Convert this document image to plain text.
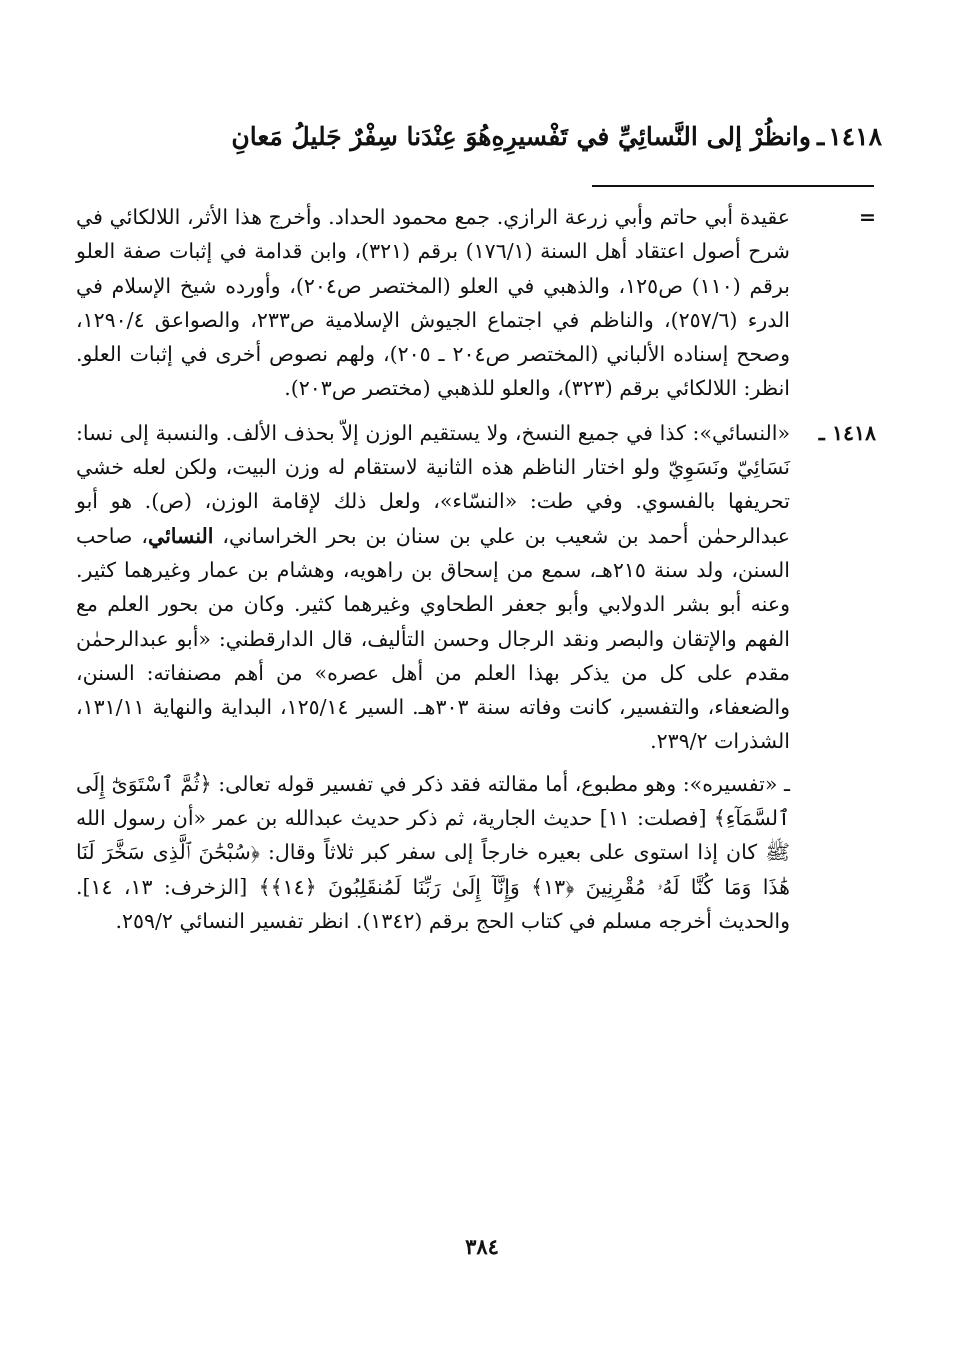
١٤١٨
ـ
وانظُرْ إلى النَّسائِيِّ في تَفْسيرِهِ
هُوَ عِنْدَنا سِفْرٌ جَليلُ مَعانِ
=

عقيدة أبي حاتم وأبي زرعة الرازي. جمع محمود الحداد. وأخرج هذا الأثر، اللالكائي في شرح أصول اعتقاد أهل السنة (١٧٦/١) برقم (٣٢١)، وابن قدامة في إثبات صفة العلو برقم (١١٠) ص١٢٥، والذهبي في العلو (المختصر ص٢٠٤)، وأورده شيخ الإسلام في الدرء (٢٥٧/٦)، والناظم في اجتماع الجيوش الإسلامية ص٢٣٣، والصواعق ١٢٩٠/٤، وصحح إسناده الألباني (المختصر ص٢٠٤ ـ ٢٠٥)، ولهم نصوص أخرى في إثبات العلو. انظر: اللالكائي برقم (٣٢٣)، والعلو للذهبي (مختصر ص٢٠٣).

١٤١٨ ـ

«النسائي»: كذا في جميع النسخ، ولا يستقيم الوزن إلاّ بحذف الألف. والنسبة إلى نسا: نَسَائِيّ ونَسَوِيّ ولو اختار الناظم هذه الثانية لاستقام له وزن البيت، ولكن لعله خشي تحريفها بالفسوي. وفي طت: «النسّاء»، ولعل ذلك لإقامة الوزن، (ص). هو أبو عبدالرحمٰن أحمد بن شعيب بن علي بن سنان بن بحر الخراساني، النسائي، صاحب السنن، ولد سنة ٢١٥هـ، سمع من إسحاق بن راهويه، وهشام بن عمار وغيرهما كثير. وعنه أبو بشر الدولابي وأبو جعفر الطحاوي وغيرهما كثير. وكان من بحور العلم مع الفهم والإتقان والبصر ونقد الرجال وحسن التأليف، قال الدارقطني: «أبو عبدالرحمٰن مقدم على كل من يذكر بهذا العلم من أهل عصره» من أهم مصنفاته: السنن، والضعفاء، والتفسير، كانت وفاته سنة ٣٠٣هـ. السير ١٢٥/١٤، البداية والنهاية ١٣١/١١، الشذرات ٢٣٩/٢.

ـ «تفسيره»: وهو مطبوع، أما مقالته فقد ذكر في تفسير قوله تعالى: ﴿ثُمَّ ٱسْتَوَىٰٓ إِلَى ٱلسَّمَآءِ﴾ [فصلت: ١١] حديث الجارية، ثم ذكر حديث عبدالله بن عمر «أن رسول الله ﷺ كان إذا استوى على بعيره خارجاً إلى سفر كبر ثلاثاً وقال: ﴿سُبْحَٰنَ ٱلَّذِى سَخَّرَ لَنَا هَٰذَا وَمَا كُنَّا لَهُۥ مُقْرِنِينَ ﴿١٣﴾ وَإِنَّآ إِلَىٰ رَبِّنَا لَمُنقَلِبُونَ ﴿١٤﴾﴾ [الزخرف: ١٣، ١٤]. والحديث أخرجه مسلم في كتاب الحج برقم (١٣٤٢). انظر تفسير النسائي ٢٥٩/٢.

٣٨٤
